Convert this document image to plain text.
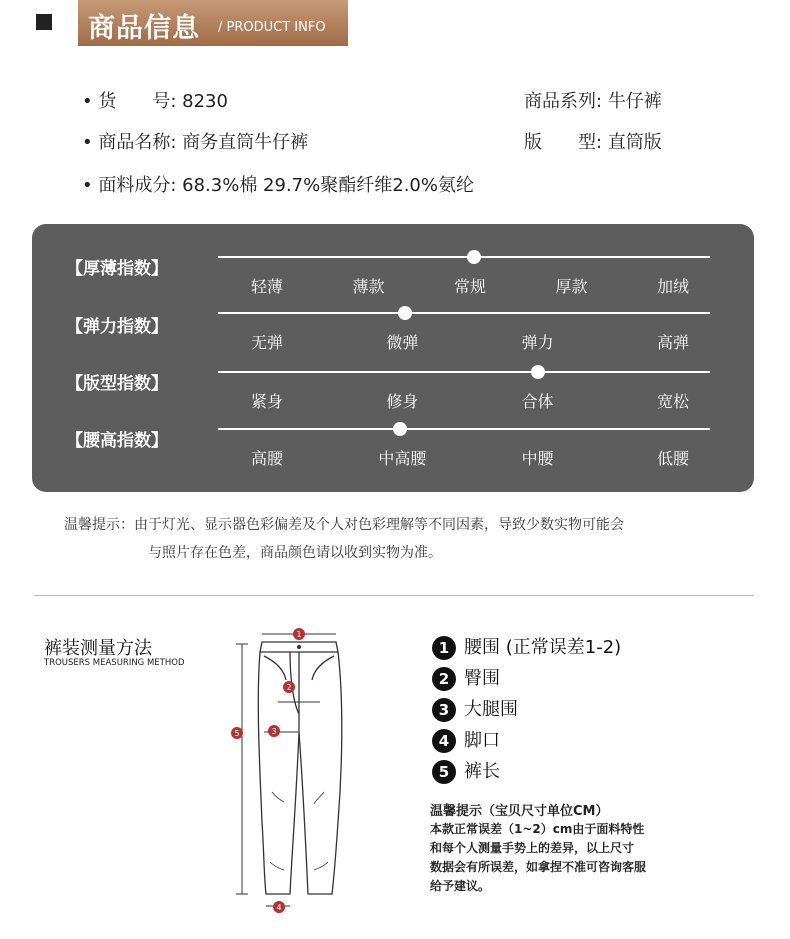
商品信息 / PRODUCT INFO
• 货　　号: 8230	商品系列: 牛仔裤
• 商品名称: 商务直筒牛仔裤	版　　型: 直筒版
• 面料成分: 68.3%棉 29.7%聚酯纤维2.0%氨纶
【厚薄指数】
轻薄	薄款	常规	厚款	加绒
【弹力指数】
无弹	微弹	弹力	高弹
【版型指数】
紧身	修身	合体	宽松
【腰高指数】
高腰	中高腰	中腰	低腰
温馨提示：由于灯光、显示器色彩偏差及个人对色彩理解等不同因素，导致少数实物可能会
与照片存在色差，商品颜色请以收到实物为准。
裤装测量方法
TROUSERS MEASURING METHOD
1
2
3
4
5
1 腰围 (正常误差1-2)
2 臀围
3 大腿围
4 脚口
5 裤长
温馨提示（宝贝尺寸单位CM）
本款正常误差（1~2）cm由于面料特性
和每个人测量手势上的差异，以上尺寸
数据会有所误差，如拿捏不准可咨询客服
给予建议。
